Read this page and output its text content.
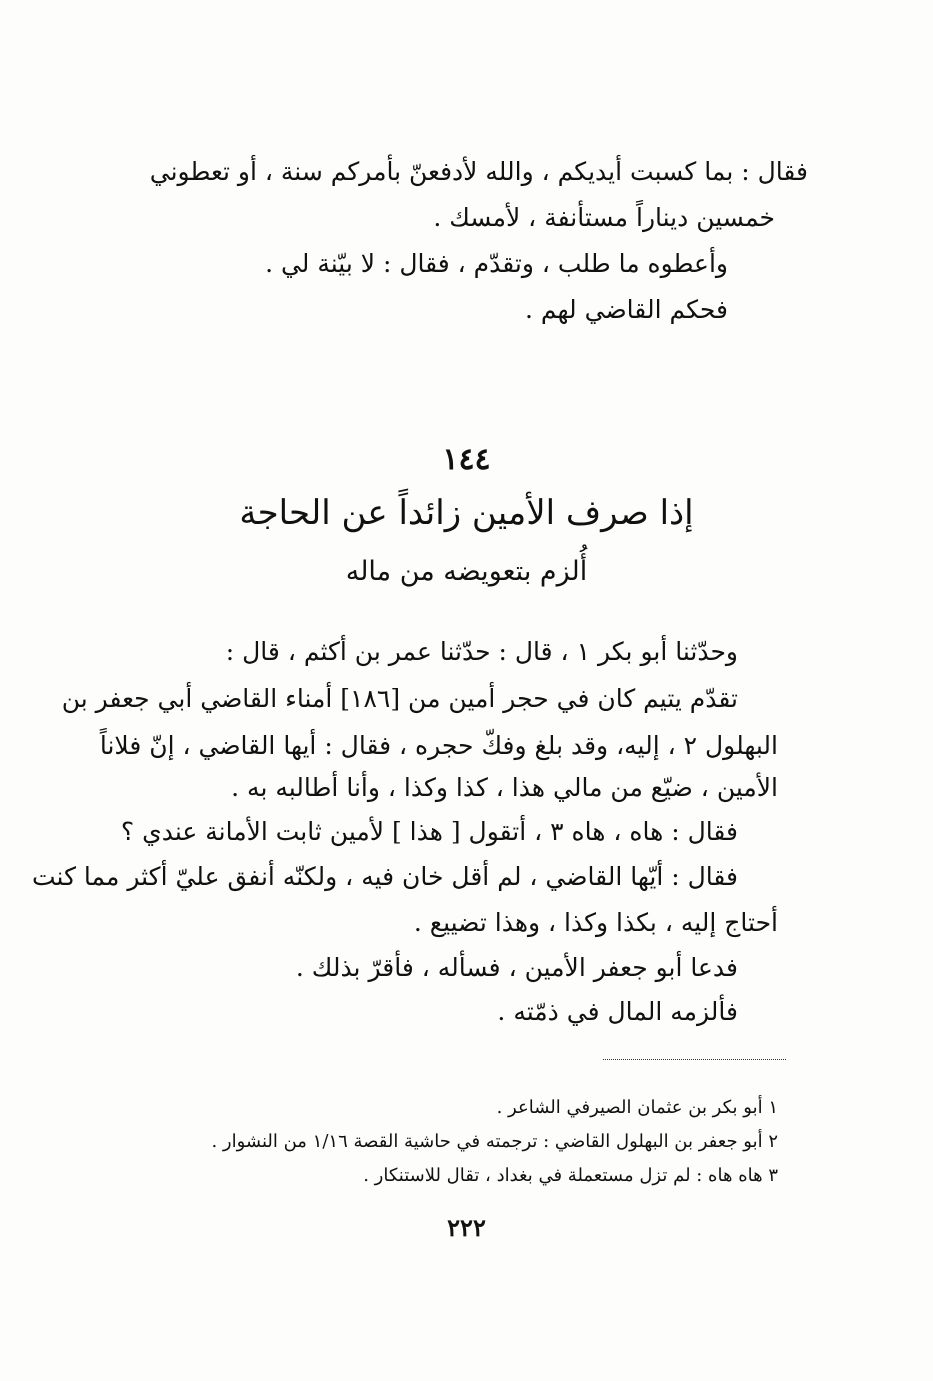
فقال : بما كسبت أيديكم ، والله لأدفعنّ بأمركم سنة ، أو تعطوني
خمسين ديناراً مستأنفة ، لأمسك .
وأعطوه ما طلب ، وتقدّم ، فقال : لا بيّنة لي .
فحكم القاضي لهم .
١٤٤
إذا صرف الأمين زائداً عن الحاجة
أُلزم بتعويضه من ماله
وحدّثنا أبو بكر ١ ، قال : حدّثنا عمر بن أكثم ، قال :
تقدّم يتيم كان في حجر أمين من [١٨٦] أمناء القاضي أبي جعفر بن
البهلول ٢ ، إليه، وقد بلغ وفكّ حجره ، فقال : أيها القاضي ، إنّ فلاناً
الأمين ، ضيّع من مالي هذا ، كذا وكذا ، وأنا أطالبه به .
فقال : هاه ، هاه ٣ ، أتقول [ هذا ] لأمين ثابت الأمانة عندي ؟
فقال : أيّها القاضي ، لم أقل خان فيه ، ولكنّه أنفق عليّ أكثر مما كنت
أحتاج إليه ، بكذا وكذا ، وهذا تضييع .
فدعا أبو جعفر الأمين ، فسأله ، فأقرّ بذلك .
فألزمه المال في ذمّته .
١ أبو بكر بن عثمان الصيرفي الشاعر .
٢ أبو جعفر بن البهلول القاضي : ترجمته في حاشية القصة ١/١٦ من النشوار .
٣ هاه هاه : لم تزل مستعملة في بغداد ، تقال للاستنكار .
٢٢٢
